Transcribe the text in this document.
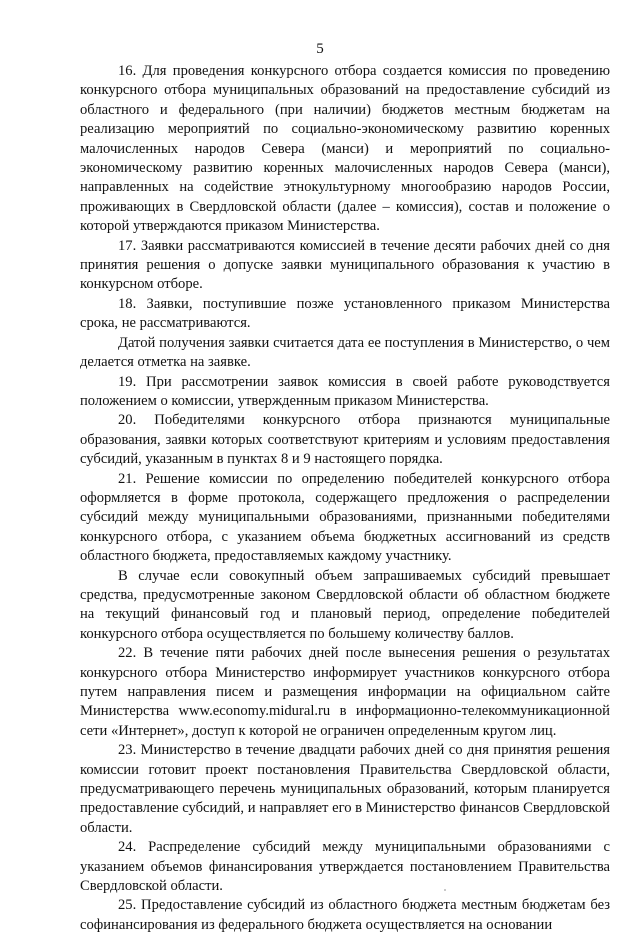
5

16. Для проведения конкурсного отбора создается комиссия по проведению конкурсного отбора муниципальных образований на предоставление субсидий из областного и федерального (при наличии) бюджетов местным бюджетам на реализацию мероприятий по социально-экономическому развитию коренных малочисленных народов Севера (манси) и мероприятий по социально-экономическому развитию коренных малочисленных народов Севера (манси), направленных на содействие этнокультурному многообразию народов России, проживающих в Свердловской области (далее – комиссия), состав и положение о которой утверждаются приказом Министерства.

17. Заявки рассматриваются комиссией в течение десяти рабочих дней со дня принятия решения о допуске заявки муниципального образования к участию в конкурсном отборе.

18. Заявки, поступившие позже установленного приказом Министерства срока, не рассматриваются.

Датой получения заявки считается дата ее поступления в Министерство, о чем делается отметка на заявке.

19. При рассмотрении заявок комиссия в своей работе руководствуется положением о комиссии, утвержденным приказом Министерства.

20. Победителями конкурсного отбора признаются муниципальные образования, заявки которых соответствуют критериям и условиям предоставления субсидий, указанным в пунктах 8 и 9 настоящего порядка.

21. Решение комиссии по определению победителей конкурсного отбора оформляется в форме протокола, содержащего предложения о распределении субсидий между муниципальными образованиями, признанными победителями конкурсного отбора, с указанием объема бюджетных ассигнований из средств областного бюджета, предоставляемых каждому участнику.

В случае если совокупный объем запрашиваемых субсидий превышает средства, предусмотренные законом Свердловской области об областном бюджете на текущий финансовый год и плановый период, определение победителей конкурсного отбора осуществляется по большему количеству баллов.

22. В течение пяти рабочих дней после вынесения решения о результатах конкурсного отбора Министерство информирует участников конкурсного отбора путем направления писем и размещения информации на официальном сайте Министерства www.economy.midural.ru в информационно-телекоммуникационной сети «Интернет», доступ к которой не ограничен определенным кругом лиц.

23. Министерство в течение двадцати рабочих дней со дня принятия решения комиссии готовит проект постановления Правительства Свердловской области, предусматривающего перечень муниципальных образований, которым планируется предоставление субсидий, и направляет его в Министерство финансов Свердловской области.

24. Распределение субсидий между муниципальными образованиями с указанием объемов финансирования утверждается постановлением Правительства Свердловской области.

25. Предоставление субсидий из областного бюджета местным бюджетам без софинансирования из федерального бюджета осуществляется на основании
